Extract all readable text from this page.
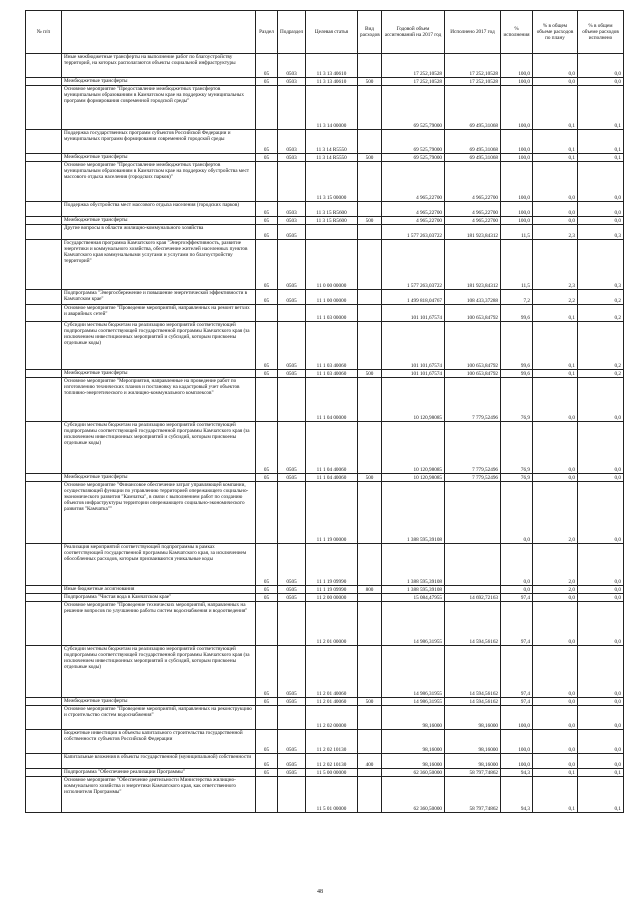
№ п/п		Раздел	Подраздел	Целевая статья	Вид расходов	Годовой объем ассигнований на 2017 год	Исполнено 2017 год	% исполнения	% в общем объеме расходов по плану	% в общем объеме расходов исполнено
	Иные межбюджетные трансферты на выполнение работ по благоустройству территорий, на которых располагаются объекты социальной инфраструктуры	05	0503	11 3 13 40610		17 252,10528	17 252,10528	100,0	0,0	0,0
	Межбюджетные трансферты	05	0503	11 3 13 40610	500	17 252,10528	17 252,10528	100,0	0,0	0,0
	Основное мероприятие "Предоставление межбюджетных трансфертов муниципальным образованиям в Камчатском крае на поддержку муниципальных программ формирования современной городской среды"			11 3 14 00000		69 525,79000	69 495,31068	100,0	0,1	0,1
	Поддержка государственных программ субъектов Российской Федерации и муниципальных программ формирования современной городской среды	05	0503	11 3 14 R5550		69 525,79000	69 495,31068	100,0	0,1	0,1
	Межбюджетные трансферты	05	0503	11 3 14 R5550	500	69 525,79000	69 495,31068	100,0	0,1	0,1
	Основное мероприятие "Предоставление межбюджетных трансфертов муниципальным образованиям в Камчатском крае на поддержку обустройства мест массового отдыха населения (городских парков)"			11 3 15 00000		4 965,22700	4 965,22700	100,0	0,0	0,0
	Поддержка обустройства мест массового отдыха населения (городских парков)	05	0503	11 3 15 R5600		4 965,22700	4 965,22700	100,0	0,0	0,0
	Межбюджетные трансферты	05	0503	11 3 15 R5600	500	4 965,22700	4 965,22700	100,0	0,0	0,0
	Другие вопросы в области жилищно-коммунального хозяйства	05	0505			1 577 263,03722	181 923,84312	11,5	2,3	0,3
	Государственная программа Камчатского края "Энергоэффективность, развитие энергетики и коммунального хозяйства, обеспечение жителей населенных пунктов Камчатского края коммунальными услугами и услугами по благоустройству территорий"	05	0505	11 0 00 00000		1 577 263,03722	181 923,84312	11,5	2,3	0,3
	Подпрограмма "Энергосбережение и повышение энергетической эффективности в Камчатском крае"	05	0505	11 1 00 00000		1 499 818,04767	108 433,37288	7,2	2,2	0,2
	Основное мероприятие "Проведение мероприятий, направленных на ремонт ветхих и аварийных сетей"			11 1 03 00000		101 101,67574	100 653,84792	99,6	0,1	0,2
	Субсидии местным бюджетам на реализацию мероприятий соответствующей подпрограммы соответствующей государственной программы Камчатского края (за исключением инвестиционных мероприятий и субсидий, которым присвоены отдельные коды)	05	0505	11 1 03 40060		101 101,67574	100 653,84792	99,6	0,1	0,2
	Межбюджетные трансферты	05	0505	11 1 03 40060	500	101 101,67574	100 653,84792	99,6	0,1	0,2
	Основное мероприятие "Мероприятия, направленные на проведение работ по изготовлению технических планов и постановку на кадастровый учет объектов топливно-энергетического и жилищно-коммунального комплексов"			11 1 04 00000		10 120,98085	7 779,52496	76,9	0,0	0,0
	Субсидии местным бюджетам на реализацию мероприятий соответствующей подпрограммы соответствующей государственной программы Камчатского края (за исключением инвестиционных мероприятий и субсидий, которым присвоены отдельные коды)	05	0505	11 1 04 40060		10 120,98085	7 779,52496	76,9	0,0	0,0
	Межбюджетные трансферты	05	0505	11 1 04 40060	500	10 120,98085	7 779,52496	76,9	0,0	0,0
	Основное мероприятие "Финансовое обеспечение затрат управляющей компании, осуществляющей функции по управлению территорией опережающего социально-экономического развития "Камчатка", в связи с выполнением работ по созданию объектов инфраструктуры территории опережающего социально-экономического развития "Камчатка""			11 1 19 00000		1 388 595,39108		0,0	2,0	0,0
	Реализация мероприятий соответствующей подпрограммы в рамках соответствующей государственной программы Камчатского края, за исключением обособленных расходов, которым присваиваются уникальные коды	05	0505	11 1 19 09990		1 388 595,39108		0,0	2,0	0,0
	Иные бюджетные ассигнования	05	0505	11 1 19 09990	800	1 388 595,39108		0,0	2,0	0,0
	Подпрограмма "Чистая вода в Камчатском крае"	05	0505	11 2 00 00000		15 084,47955	14 692,72163	97,4	0,0	0,0
	Основное мероприятие "Проведение технических мероприятий, направленных на решение вопросов по улучшению работы систем водоснабжения и водоотведения"			11 2 01 00000		14 986,31955	14 594,56162	97,4	0,0	0,0
	Субсидии местным бюджетам на реализацию мероприятий соответствующей подпрограммы соответствующей государственной программы Камчатского края (за исключением инвестиционных мероприятий и субсидий, которым присвоены отдельные коды)	05	0505	11 2 01 40060		14 986,31955	14 594,56162	97,4	0,0	0,0
	Межбюджетные трансферты	05	0505	11 2 01 40060	500	14 986,31955	14 594,56162	97,4	0,0	0,0
	Основное мероприятие "Проведение мероприятий, направленных на реконструкцию и строительство систем водоснабжения"			11 2 02 00000		98,16000	98,16000	100,0	0,0	0,0
	Бюджетные инвестиции в объекты капитального строительства государственной собственности субъектов Российской Федерации	05	0505	11 2 02 10130		98,16000	98,16000	100,0	0,0	0,0
	Капитальные вложения в объекты государственной (муниципальной) собственности	05	0505	11 2 02 10130	400	98,16000	98,16000	100,0	0,0	0,0
	Подпрограмма "Обеспечение реализации Программы"	05	0505	11 5 00 00000		62 360,50000	58 797,74862	94,3	0,1	0,1
	Основное мероприятие "Обеспечение деятельности Министерства жилищно-коммунального хозяйства и энергетики Камчатского края, как ответственного исполнителя Программы"			11 5 01 00000		62 360,50000	58 797,74862	94,3	0,1	0,1
48
